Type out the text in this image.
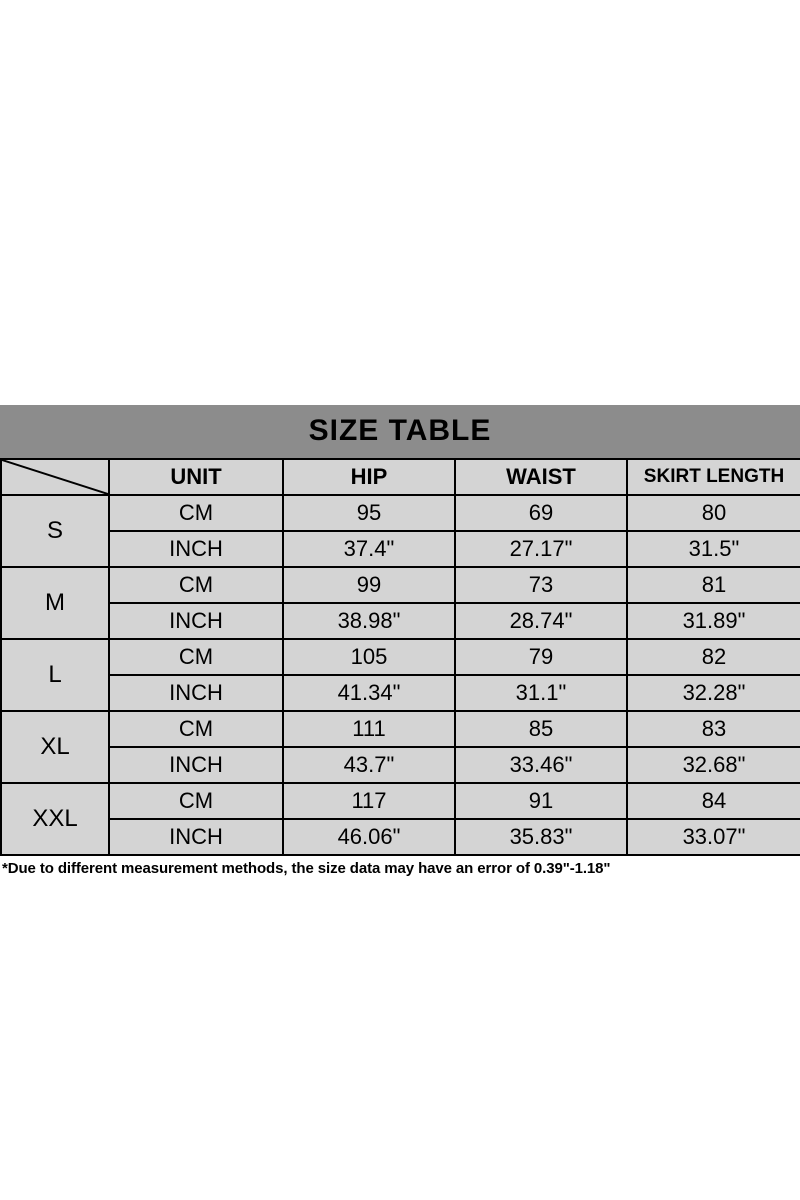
SIZE TABLE
	UNIT	HIP	WAIST	SKIRT LENGTH
S	CM	95	69	80
	INCH	37.4"	27.17"	31.5"
M	CM	99	73	81
	INCH	38.98"	28.74"	31.89"
L	CM	105	79	82
	INCH	41.34"	31.1"	32.28"
XL	CM	111	85	83
	INCH	43.7"	33.46"	32.68"
XXL	CM	117	91	84
	INCH	46.06"	35.83"	33.07"
*Due to different measurement methods, the size data may have an error of 0.39"-1.18"
